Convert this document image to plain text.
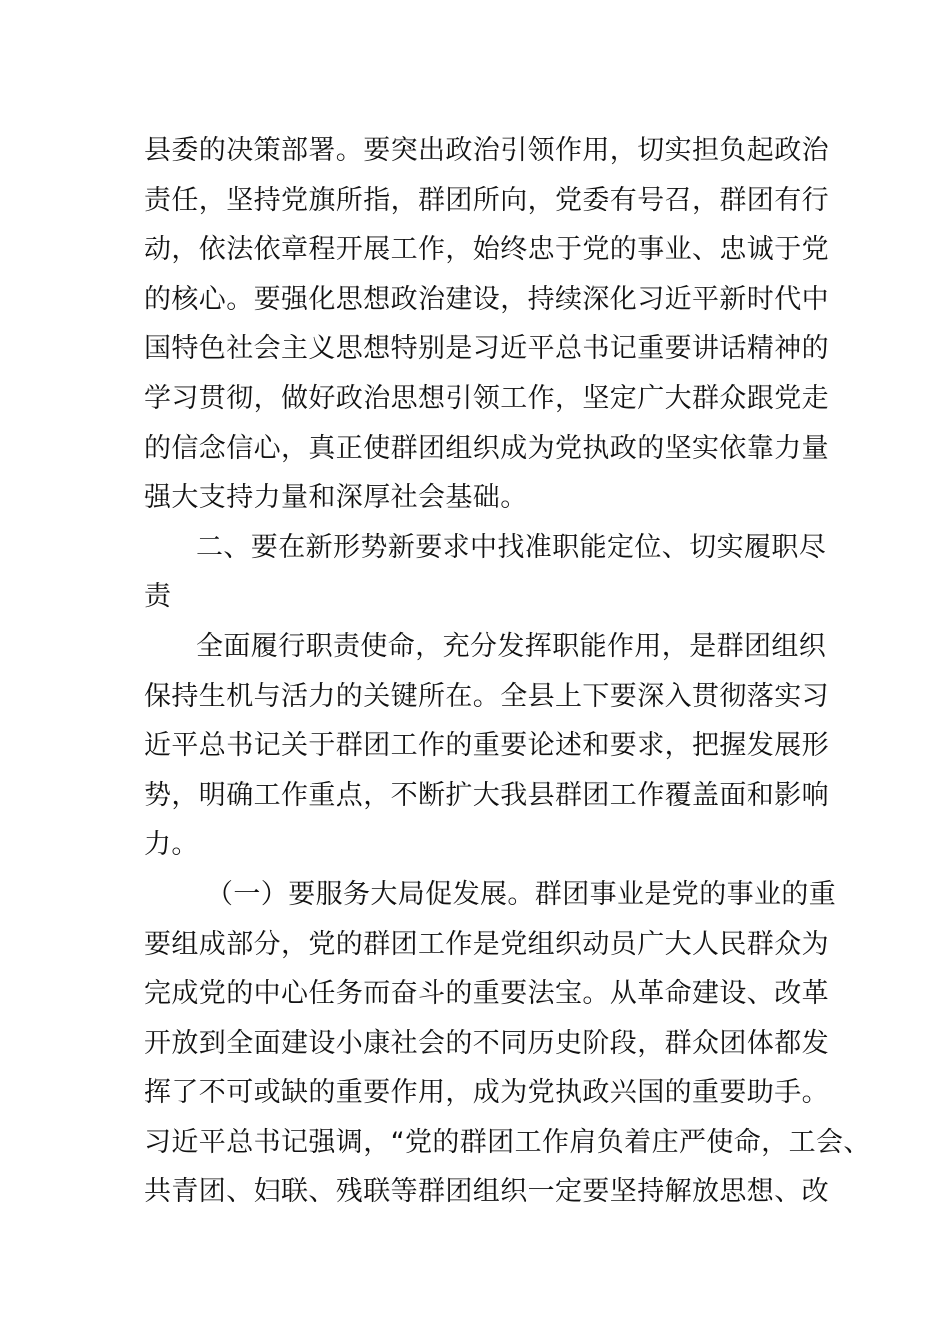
县委的决策部署。要突出政治引领作用，切实担负起政治
责任，坚持党旗所指，群团所向，党委有号召，群团有行
动，依法依章程开展工作，始终忠于党的事业、忠诚于党
的核心。要强化思想政治建设，持续深化习近平新时代中
国特色社会主义思想特别是习近平总书记重要讲话精神的
学习贯彻，做好政治思想引领工作，坚定广大群众跟党走
的信念信心，真正使群团组织成为党执政的坚实依靠力量
强大支持力量和深厚社会基础。
二、要在新形势新要求中找准职能定位、切实履职尽
责
全面履行职责使命，充分发挥职能作用，是群团组织
保持生机与活力的关键所在。全县上下要深入贯彻落实习
近平总书记关于群团工作的重要论述和要求，把握发展形
势，明确工作重点，不断扩大我县群团工作覆盖面和影响
力。
（一）要服务大局促发展。群团事业是党的事业的重
要组成部分，党的群团工作是党组织动员广大人民群众为
完成党的中心任务而奋斗的重要法宝。从革命建设、改革
开放到全面建设小康社会的不同历史阶段，群众团体都发
挥了不可或缺的重要作用，成为党执政兴国的重要助手。
习近平总书记强调，“党的群团工作肩负着庄严使命，工会、
共青团、妇联、残联等群团组织一定要坚持解放思想、改
